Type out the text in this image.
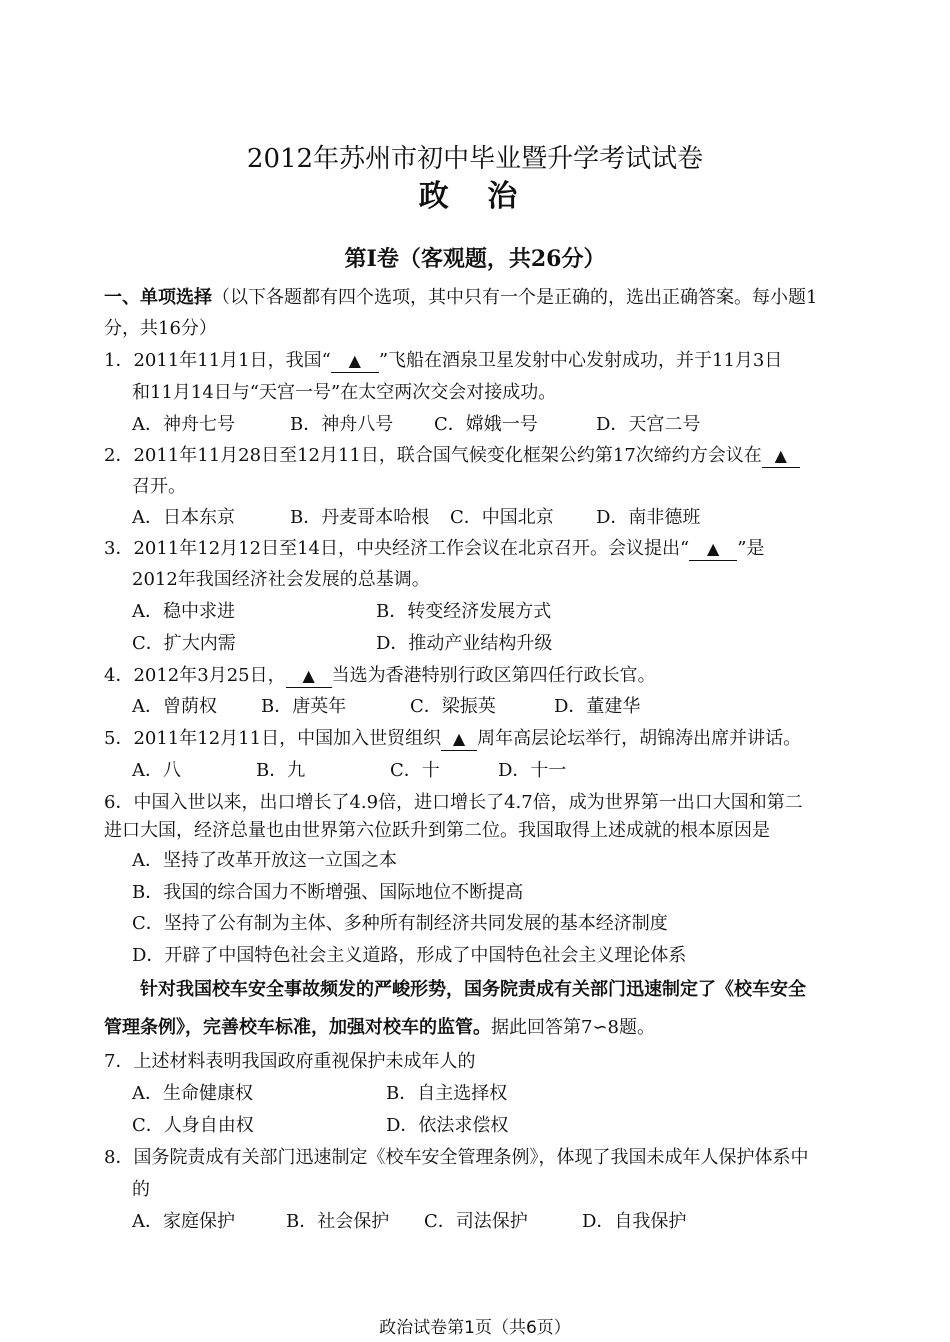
2012年苏州市初中毕业暨升学考试试卷
政 治
第I卷（客观题，共26分）
一、单项选择（以下各题都有四个选项，其中只有一个是正确的，选出正确答案。每小题1
分，共16分）
1．2011年11月1日，我国“ ▲ ”飞船在酒泉卫星发射中心发射成功，并于11月3日
和11月14日与“天宫一号”在太空两次交会对接成功。
A．神舟七号	B．神舟八号 C．嫦娥一号	D．天宫二号
2．2011年11月28日至12月11日，联合国气候变化框架公约第17次缔约方会议在 ▲
召开。
A．日本东京	B．丹麦哥本哈根 C．中国北京 D．南非德班
3．2011年12月12日至14日，中央经济工作会议在北京召开。会议提出“ ▲ ”是
2012年我国经济社会发展的总基调。
A．稳中求进	B．转变经济发展方式
C．扩大内需	D．推动产业结构升级
4．2012年3月25日， ▲ 当选为香港特别行政区第四任行政长官。
A．曾荫权 B．唐英年	C．梁振英	D．董建华
5．2011年12月11日，中国加入世贸组织 ▲ 周年高层论坛举行，胡锦涛出席并讲话。
A．八	B．九	C．十	D．十一
6．中国入世以来，出口增长了4.9倍，进口增长了4.7倍，成为世界第一出口大国和第二
进口大国，经济总量也由世界第六位跃升到第二位。我国取得上述成就的根本原因是
A．坚持了改革开放这一立国之本
B．我国的综合国力不断增强、国际地位不断提高
C．坚持了公有制为主体、多种所有制经济共同发展的基本经济制度
D．开辟了中国特色社会主义道路，形成了中国特色社会主义理论体系
针对我国校车安全事故频发的严峻形势，国务院责成有关部门迅速制定了《校车安全
管理条例》，完善校车标准，加强对校车的监管。据此回答第7∽8题。
7．上述材料表明我国政府重视保护未成年人的
A．生命健康权	B．自主选择权
C．人身自由权	D．依法求偿权
8．国务院责成有关部门迅速制定《校车安全管理条例》，体现了我国未成年人保护体系中
的
A．家庭保护	B．社会保护 C．司法保护	D．自我保护
政治试卷第1页（共6页）
